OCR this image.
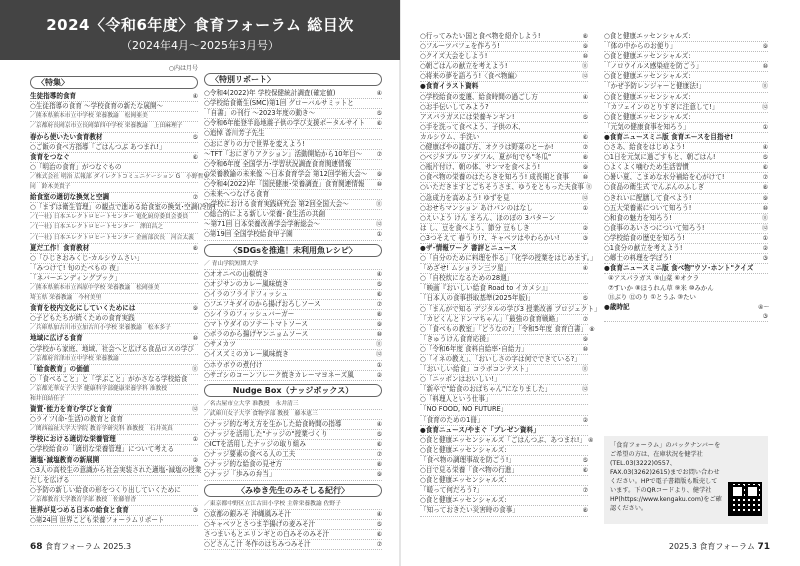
2024〈令和6年度〉食育フォーラム 総目次
（2024年4月〜2025年3月号）
○内は月号
〈特集〉
生徒指導的食育	④
○生徒指導の食育 ～学校食育の新たな展開～
／熊本県熊本市立中学校 栄養教諭　松岡亜美
／京都府長岡京市立長岡第四中学校 栄養教諭　上田麻理子
春から使いたい食育教材	⑤
○ご飯の食べ方指導「ごはんつぶ あつまれ!」
食育をつなぐ	⑥
○「明治の食育」がつなぐもの
／株式会社 明治 広報部 ダイレクトコミュニケーション G　小野哲史
同　鈴木美貴子
給食室の適切な換気と空調	⑦
○「まずは衛生管理」の観点で進める給食室の換気･空調(冷房)
／(一社) 日本エレクトロヒートセンター 電化厨房委員会委員
／(一社) 日本エレクトロヒートセンター　澤田昌之
／(一社) 日本エレクトロヒートセンター 企画部次長　河合太義
夏だ工作！食育教材	⑧
○「ひじきおみくじ-カルシウムさい」
「みつけて! 旬のたべもの 夜」
「ネバーエンディングブック」
／熊本県熊本市立西原中学校 栄養教諭　松岡亜美
埼玉県 栄養教諭　今村美里
食育を校内文化にしていくためには	⑨
○子どもたちが続くための食育実践
／兵庫県加古川市立加古川小学校 栄養教諭　松本多子
地域に広げる食育	⑩
○学校から家庭、地域、社会へと広げる食品ロスの学び
／京都府宮津市立中学校 栄養教諭
「給食教育」の価値	⑪
○「食べること」と「学ぶこと」がかさなる学校給食
／京都光華女子大学 健康科学部健康栄養学科 准教授
和井田結佳子
資質･能力を育む学びと食育	⑫
○ライフ(命･生活)の教育と食育
／関西福祉大学大学院 教育学研究科 准教授　石井英真
学校における適切な栄養管理	①
○学校給食の「適切な栄養管理」について考える
適塩･減塩教育の新展開	②
○3人の高校生の意識から社会実装された適塩･減塩の授業
だしを広げる
○予防の新しい給食の形をつくり出していくために
／京都教育大学教育学部 教授　佐藤智香
世界が見つめる日本の給食と食育	③
○第24回 世界こども栄養フォーラムリポート
〈特別リポート〉
○令和4(2022)年 学校保健統計調査(確定値)	④
○学校給食衛生(SMC)第1回 グローバルサミットと
「自書」の刊行 ～2023年度の動き～	⑤
○令和6年能登半島地震子供の学び支援ポータルサイト	⑥
○追悼 香川芳子先生
○おにぎりの力で世界を変えよう!
～TFT「おにぎりアクション」活動開始から10年目～	⑦
○令和6年度 全国学力･学習状況調査食育関連情報
○栄養教諭の未来像 ～日本食育学会 第12回学術大会～	⑨
○令和4(2022)年「国民健康･栄養調査」食育関連情報	⑩
○未来へつなげる食育
～学校における食育実践研究会 第2回全国大会～	⑪
○総合的による新しい栄養･食生活の共創
～第71回 日本栄養改善学会学術総会～	⑫
○第19回 全国学校給食甲子園	①
〈SDGsを推進！未利用魚レシピ〉
／ 青山学院短期大学
○オオニベの山椒焼き	④
○オジサンのカレー風味焼き	⑤
○イラのフライドフィッシュ	⑥
○フエフキダイのから揚げおろしソース	⑦
○シイラのフィッシュバーガー	⑧
○マトウダイのソテートマトソース	⑨
○ボラのから揚げヤンニョムソース	⑩
○サメカツ	⑪
○イスズミのカレー風味焼き	⑫
○ホウボウの煮付け	①
○サゴシのコーンフレーク焼きカレーマヨネーズ風	②
Nudge Box（ナッジボックス）
／名古屋市立大学 准教授　永井清三
／武庫川女子大学 食物学部 教授　藤本恵三
○ナッジ的な考え方を生かした給食時間の指導	④
○ナッジを活用した"ナッジの"授業づくり	⑤
○ICTを活用したナッジの取り組み	⑥
○ナッジ要素の食べる人の工夫	⑦
○ナッジ的な給食の見せ方	⑧
○ナッジ「歩みの弁当」	⑨
〈みゆき先生のみそしる紀行〉
／東京都中野区立江古田小学校 主幹栄養教諭 佐野子
○京都の銀みそ 沖縄風みそ汁	④
○キャベツとさつま芋揚げの麦みそ汁	⑤
さつまいもとエリンギとの白みそのみそ汁	⑥
○どさんこ汁 冬作のはちみつみそ汁	⑦
○行ってみたい国と食べ物を紹介しよう!	⑧
○フルーツパフェを作ろう!	⑨
○クイズ大会をしよう!	⑩
○朝ごはんの献立を考えよう!	⑪
○将来の夢を語ろう!〈食べ物編〉	⑫
●食育イラスト資料
○学校給食の変遷、給食時間の過ごし方	④
○お手伝いしてみよう?
アスパラガスには栄養キンギン!	⑤
○手を洗って食べよう、子供の木、
カルシウム、手洗い	⑥
○健康ばやの議び方、オクラは野菜のとーか!	⑦
○ベジタブル ワンダフル、夏が旬でも"冬瓜"	⑧
○瓶片付け、朝の体、サンマを食べよう!	⑨
○食べ物の栄養のはたらきを知ろう! 成長期と食事	⑩
○いただきますとごちそうさま、ゆうをともった夫食事 ⑪
○急成力を高めよう! ゆずを見	⑫
○おせちマンション あけパンのはなし	①
○えいよう けん まろん、ほのぼの 3パターン
は し、豆を食べよう、節分 豆もしき	②
○3つそえて 春うり!?、キャベツはやわらかい!	③
●ザ･情報ワーク 書評とニュース
○「自分のために料理を作る」「化学の授業をはじめます。」
「めざせ! ムショラン三ツ星」	④
○「自校炊になるための28週」
「映画『おいしい給食 Road to イカメシ』」
「日本人の食事摂取基準(2025年版)」	⑤
○「まんがで知る デジタルの学び3 授業改善 プロジェクト」
「カビくんとドンマちゃん」「最強の食育戦略」	⑦
○「食べもの教室」「どうなの?」「令和5年度 食育白書」 ⑧
「きゅうけん食育応援」	⑨
○「令和6年度 食料自給率･自給力」	⑩
○「イネの教え」、「おいしさの字は何でできている?」
「おいしい給食」コラボコンテスト」	⑪
○「ニッポンはおいしい!」
「新卒で"給食のおばちゃん"になりました」	⑫
○「料理人という仕事」
「NO FOOD, NO FUTURE」
「食育のための1冊」	②
●食育ニュース/やまぐ「プレゼン資料」
○食と健康エッセンシャルズ「ごはんつぶ、あつまれ!」 ④
○食と健康エッセンシャルズ:
「食べ物の調理事故を防ごう!」	⑤
○目で見る栄養「食べ物の行進」	⑥
○食と健康エッセンシャルズ:
「暖って何だろう?」	⑦
○食と健康エッセンシャルズ:
「知っておきたい災害時の食事」	⑧
○食と健康エッセンシャルズ:
「体の中からのお便り」	⑨
○食と健康エッセンシャルズ:
「ノロウイルス感染症を防ごう」	⑩
○食と健康エッセンシャルズ:
「かぜ予防レンジャーと健康法!」	⑪
○食と健康エッセンシャルズ:
「カフェインのとりすぎに注意して!」	⑫
○食と健康エッセンシャルズ:
「元気の健康食事を知ろう」	①
●食育ニュースミニ版 食育エースを目指せ!
○さあ、給食をはじめよう!	④
○1日を元気に過ごすもと、朝ごはん!	⑤
○よくよく噛むため生活習慣	⑥
○暑い夏、こまめな水分補給を心がけて!	⑦
○食品の衛生式 でんぷんのふしぎ	⑧
○きれいに配膳して食べよう!	⑨
○五大栄養素について知ろう!	⑩
○和食の魅力を知ろう!	⑪
○食事のあいさつについて知ろう!	⑫
○学校給食の歴史を知ろう!	①
○1食分の献立を考えよう!	②
○郷土の料理を学ぼう!	③
●食育ニュースミニ版 食べ物"ウソ･ホント"クイズ
④アスパラガス ⑤山菜 ⑥オクラ
⑦すいか ⑧ほうれん草 ⑨米 ⑩みかん
⑪ぶり ⑫のり ①とうふ ③たい
●歳時記	④〜③
「食育フォーラム」のバックナンバーをご希望の方は、在庫状況を健学社(TEL.03(3222)0557、FAX.03(3262)2615)までお問い合わせください。HPで電子書籍版も販売しています。下のQRコードより、健学社HP(https://www.kengaku.com)をご確認ください。
68 食育フォーラム 2025.3	2025.3 食育フォーラム 71
